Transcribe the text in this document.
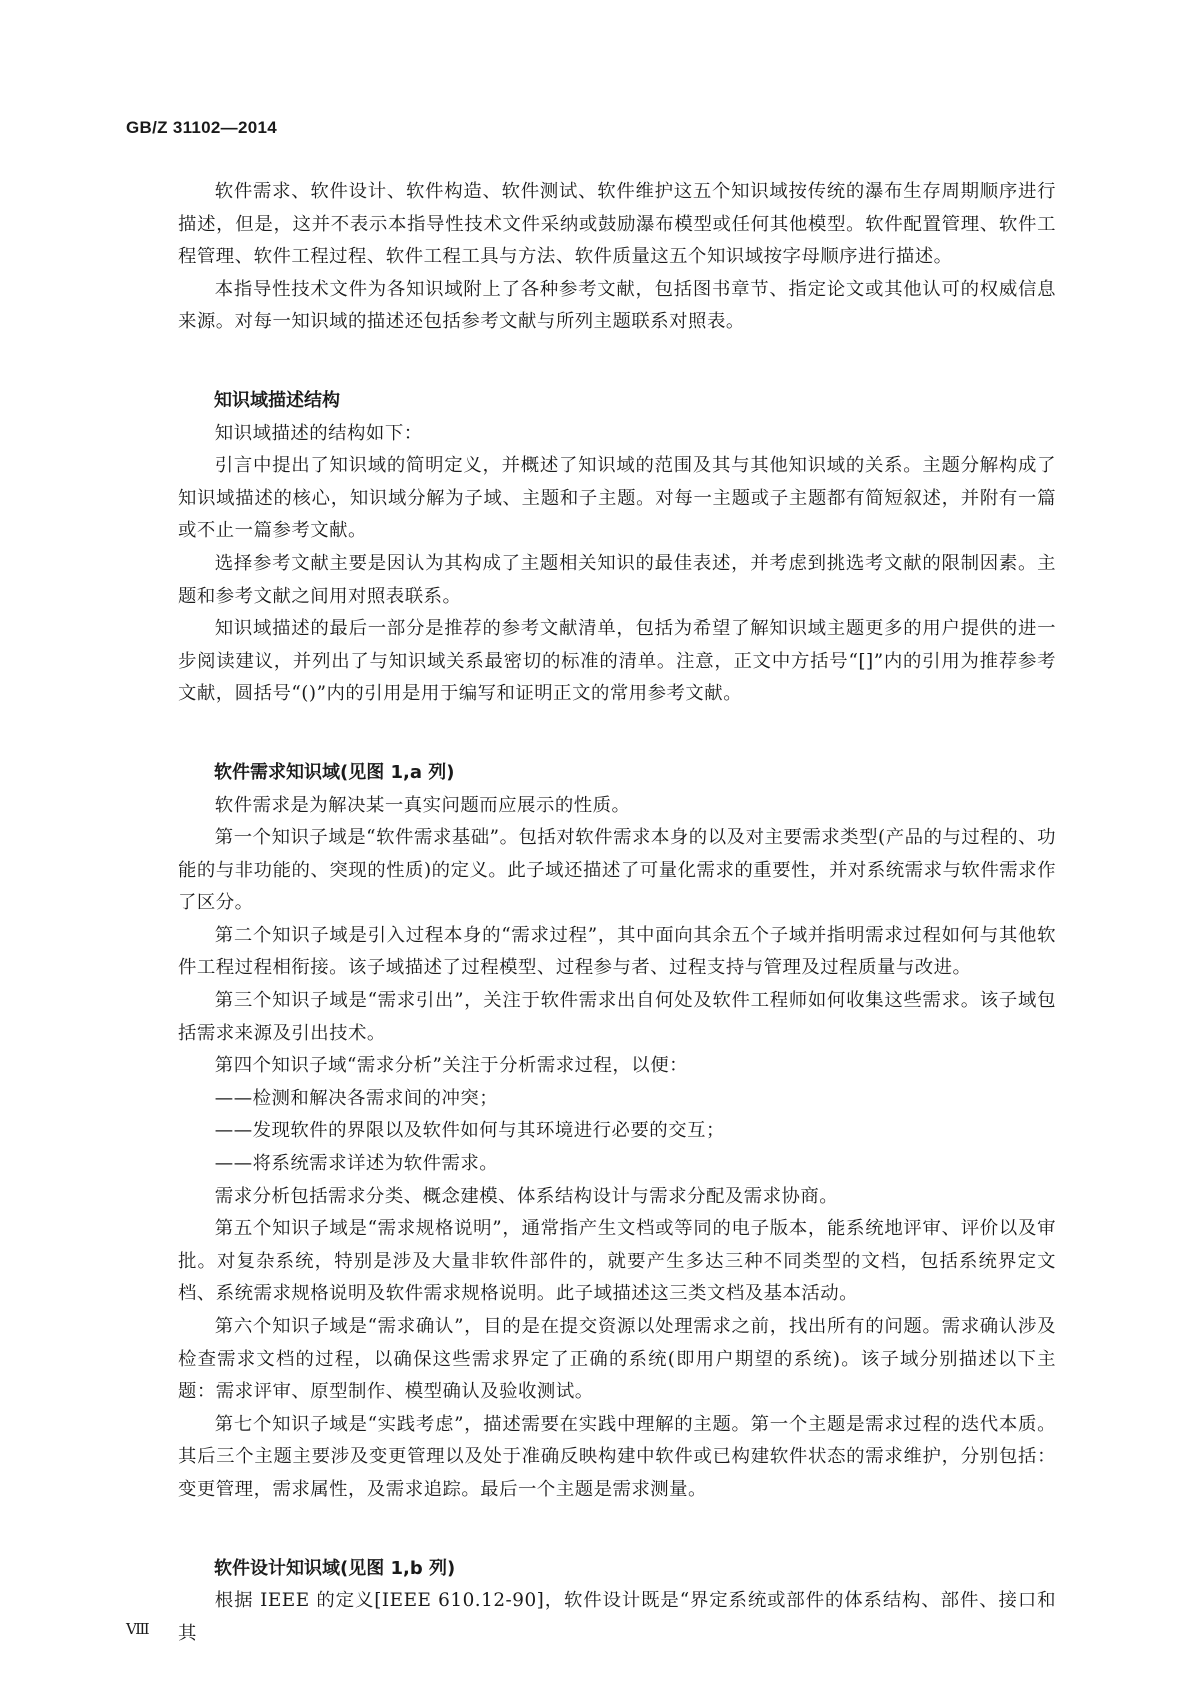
GB/Z 31102—2014

软件需求、软件设计、软件构造、软件测试、软件维护这五个知识域按传统的瀑布生存周期顺序进行描述，但是，这并不表示本指导性技术文件采纳或鼓励瀑布模型或任何其他模型。软件配置管理、软件工程管理、软件工程过程、软件工程工具与方法、软件质量这五个知识域按字母顺序进行描述。

本指导性技术文件为各知识域附上了各种参考文献，包括图书章节、指定论文或其他认可的权威信息来源。对每一知识域的描述还包括参考文献与所列主题联系对照表。

知识域描述结构

知识域描述的结构如下：

引言中提出了知识域的简明定义，并概述了知识域的范围及其与其他知识域的关系。主题分解构成了知识域描述的核心，知识域分解为子域、主题和子主题。对每一主题或子主题都有简短叙述，并附有一篇或不止一篇参考文献。

选择参考文献主要是因认为其构成了主题相关知识的最佳表述，并考虑到挑选考文献的限制因素。主题和参考文献之间用对照表联系。

知识域描述的最后一部分是推荐的参考文献清单，包括为希望了解知识域主题更多的用户提供的进一步阅读建议，并列出了与知识域关系最密切的标准的清单。注意，正文中方括号“[]”内的引用为推荐参考文献，圆括号“()”内的引用是用于编写和证明正文的常用参考文献。

软件需求知识域(见图 1,a 列)

软件需求是为解决某一真实问题而应展示的性质。

第一个知识子域是“软件需求基础”。包括对软件需求本身的以及对主要需求类型(产品的与过程的、功能的与非功能的、突现的性质)的定义。此子域还描述了可量化需求的重要性，并对系统需求与软件需求作了区分。

第二个知识子域是引入过程本身的“需求过程”，其中面向其余五个子域并指明需求过程如何与其他软件工程过程相衔接。该子域描述了过程模型、过程参与者、过程支持与管理及过程质量与改进。

第三个知识子域是“需求引出”，关注于软件需求出自何处及软件工程师如何收集这些需求。该子域包括需求来源及引出技术。

第四个知识子域“需求分析”关注于分析需求过程，以便：

——检测和解决各需求间的冲突；

——发现软件的界限以及软件如何与其环境进行必要的交互；

——将系统需求详述为软件需求。

需求分析包括需求分类、概念建模、体系结构设计与需求分配及需求协商。

第五个知识子域是“需求规格说明”，通常指产生文档或等同的电子版本，能系统地评审、评价以及审批。对复杂系统，特别是涉及大量非软件部件的，就要产生多达三种不同类型的文档，包括系统界定文档、系统需求规格说明及软件需求规格说明。此子域描述这三类文档及基本活动。

第六个知识子域是“需求确认”，目的是在提交资源以处理需求之前，找出所有的问题。需求确认涉及检查需求文档的过程，以确保这些需求界定了正确的系统(即用户期望的系统)。该子域分别描述以下主题：需求评审、原型制作、模型确认及验收测试。

第七个知识子域是“实践考虑”，描述需要在实践中理解的主题。第一个主题是需求过程的迭代本质。其后三个主题主要涉及变更管理以及处于准确反映构建中软件或已构建软件状态的需求维护，分别包括：变更管理，需求属性，及需求追踪。最后一个主题是需求测量。

软件设计知识域(见图 1,b 列)

根据 IEEE 的定义[IEEE 610.12-90]，软件设计既是“界定系统或部件的体系结构、部件、接口和其

Ⅷ
